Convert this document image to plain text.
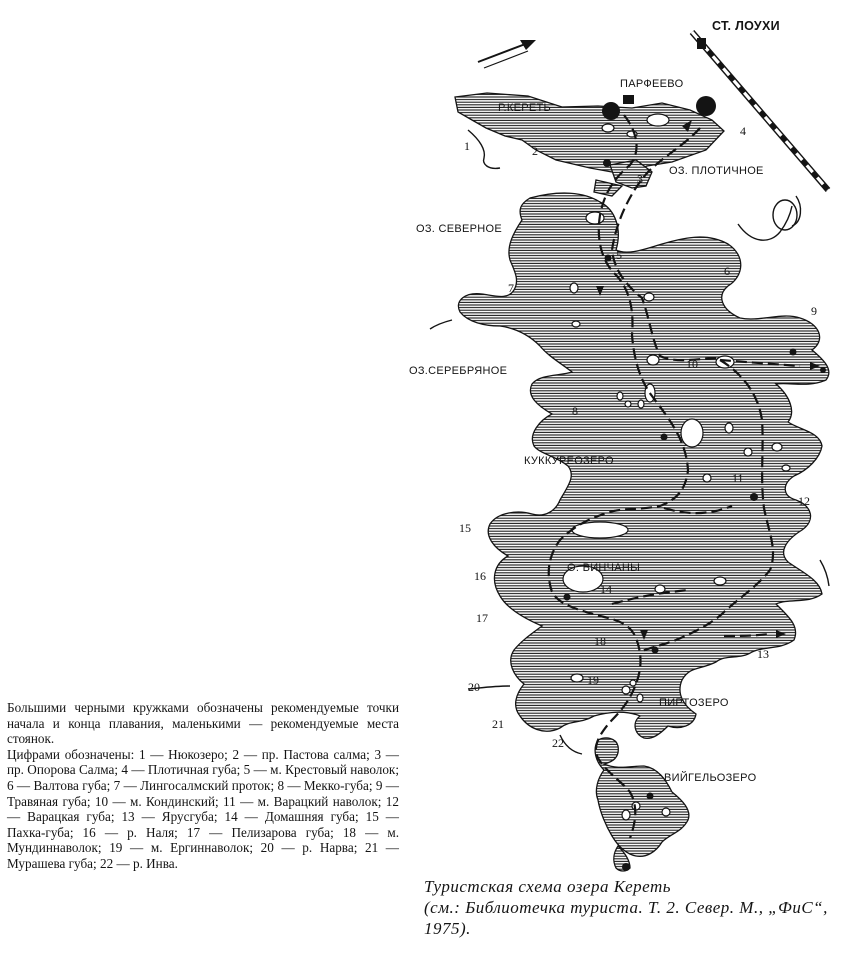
СТ. ЛОУХИ
Р.КЕРЕТЬ
ПАРФЕЕВО
ОЗ. ПЛОТИЧНОЕ
ОЗ. СЕВЕРНОЕ
ОЗ.СЕРЕБРЯНОЕ
КУККУРЕОЗЕРО
О. ВИНЧАНЫ
ПИРТОЗЕРО
ВИЙГЕЛЬОЗЕРО
1	2
3
4
5
6
7
8
9
10
11
12
13
14
15
16
17
18
19
20
21
22

Большими черными кружками обозначены рекомендуемые точки начала и конца плавания, маленькими — рекомендуемые места стоянок.

Цифрами обозначены: 1 — Нюкозеро; 2 — пр. Пастова салма; 3 — пр. Опорова Салма; 4 — Плотичная губа; 5 — м. Крестовый наволок; 6 — Валтова губа; 7 — Лингосалмский проток; 8 — Мекко-губа; 9 — Травяная губа; 10 — м. Кондинский; 11 — м. Варацкий наволок; 12 — Варацкая губа; 13 — Ярусгуба; 14 — Домашняя губа; 15 — Пахка-губа; 16 — р. Наля; 17 — Пелизарова губа; 18 — м. Мундиннаволок; 19 — м. Ергиннаволок; 20 — р. Нарва; 21 — Мурашева губа; 22 — р. Инва.

Туристская схема озера Кереть

(см.: Библиотечка туриста. Т. 2. Север. М., „ФиС“, 1975).
